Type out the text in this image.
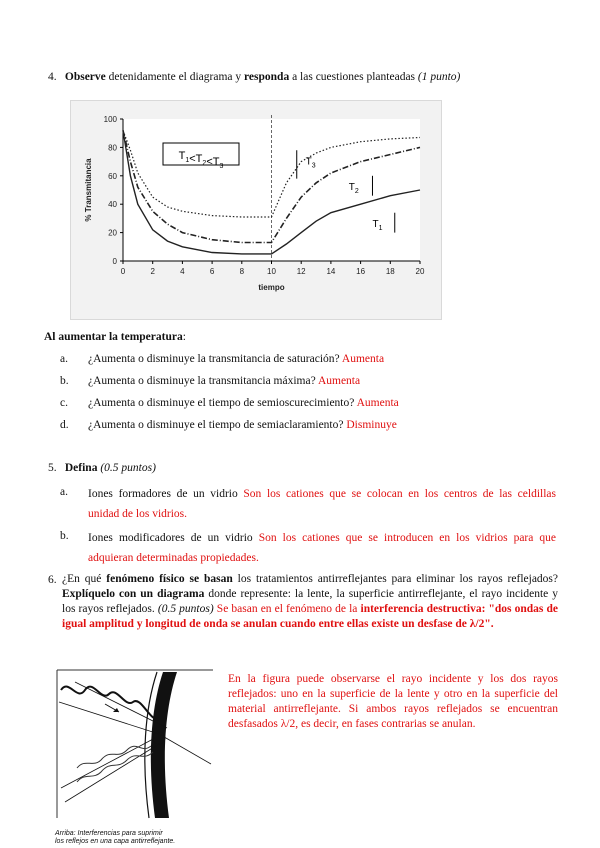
4. Observe detenidamente el diagrama y responda a las cuestiones planteadas (1 punto)
0
20
40
60
80
100
0	2	4	6	8	10	12	14	16	18	20
tiempo
% Transmitancia
$T_1<T_2<T_3$	$T_3$
$T_2$
$T_1$
Al aumentar la temperatura:
a. ¿Aumenta o disminuye la transmitancia de saturación? Aumenta
b. ¿Aumenta o disminuye la transmitancia máxima? Aumenta
c. ¿Aumenta o disminuye el tiempo de semioscurecimiento? Aumenta
d. ¿Aumenta o disminuye el tiempo de semiaclaramiento? Disminuye
5. Defina (0.5 puntos)
a. Iones formadores de un vidrio Son los cationes que se colocan en los centros de las celdillas
unidad de los vidrios.
b. Iones modificadores de un vidrio Son los cationes que se introducen en los vidrios para que
adquieran determinadas propiedades.
6. ¿En qué fenómeno físico se basan los tratamientos antirreflejantes para eliminar los rayos reflejados? Explíquelo con un diagrama donde represente: la lente, la superficie antirreflejante, el rayo incidente y los rayos reflejados. (0.5 puntos) Se basan en el fenómeno de la interferencia destructiva: "dos ondas de igual amplitud y longitud de onda se anulan cuando entre ellas existe un desfase de λ/2".
Arriba: Interferencias para suprimir
los reflejos en una capa antirreflejante.
En la figura puede observarse el rayo incidente y los dos rayos reflejados: uno en la superficie de la lente y otro en la superficie del material antirreflejante. Si ambos rayos reflejados se encuentran desfasados λ/2, es decir, en fases contrarias se anulan.
